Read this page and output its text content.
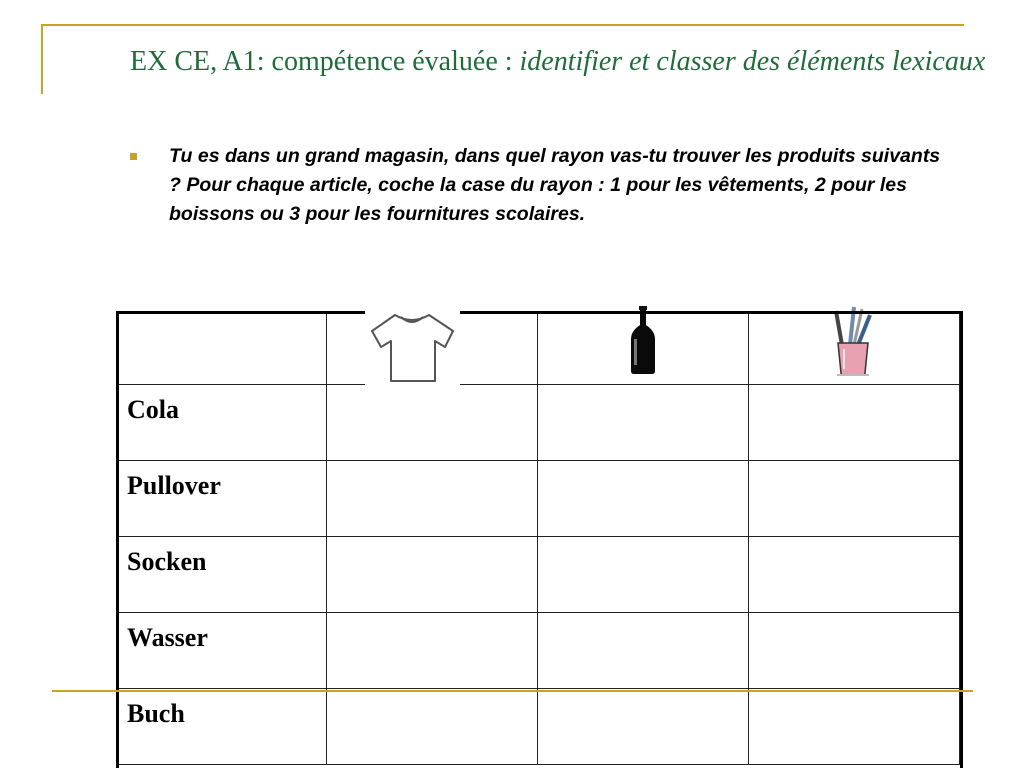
EX CE, A1: compétence évaluée : identifier et classer des éléments lexicaux

Tu es dans un grand magasin, dans quel rayon vas-tu trouver les produits suivants ? Pour chaque article, coche la case du rayon : 1 pour les vêtements, 2 pour les boissons ou 3 pour les fournitures scolaires.

Cola			
Pullover			
Socken			
Wasser			
Buch			
